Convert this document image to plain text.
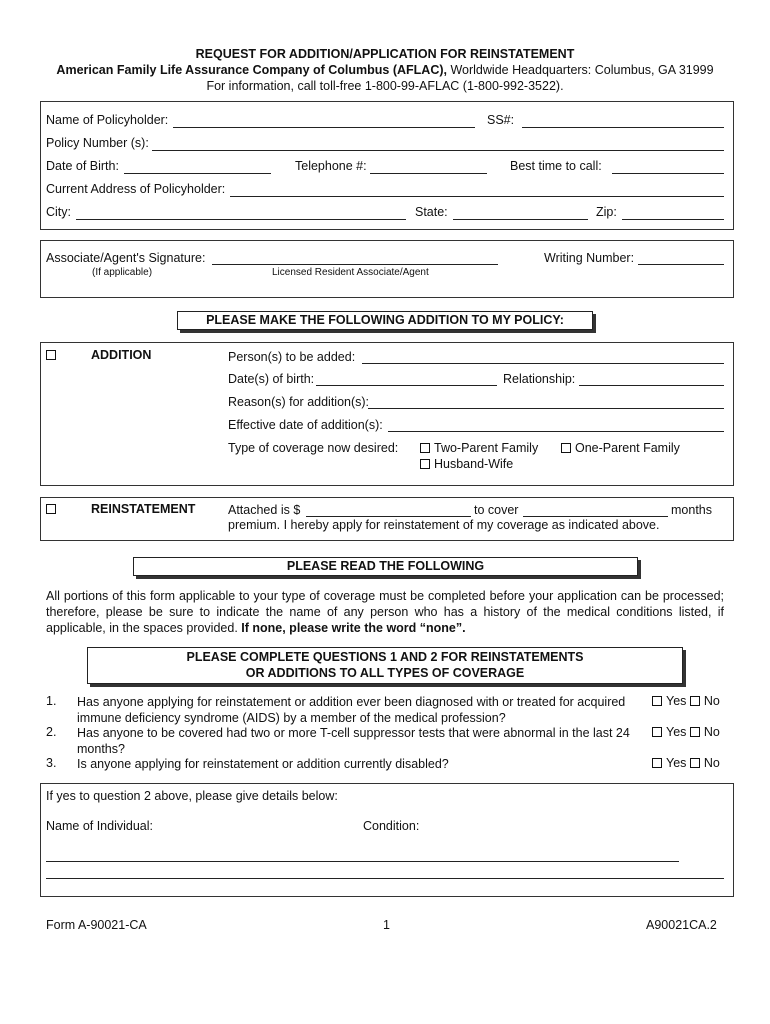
REQUEST FOR ADDITION/APPLICATION FOR REINSTATEMENT
American Family Life Assurance Company of Columbus (AFLAC), Worldwide Headquarters: Columbus, GA 31999
For information, call toll-free 1-800-99-AFLAC (1-800-992-3522).
Name of Policyholder:	SS#:
Policy Number (s):
Date of Birth:	Telephone #:	Best time to call:
Current Address of Policyholder:
City:	State:	Zip:
Associate/Agent's Signature:	Writing Number:
(If applicable)	Licensed Resident Associate/Agent
PLEASE MAKE THE FOLLOWING ADDITION TO MY POLICY:
ADDITION	Person(s) to be added:
Date(s) of birth:	Relationship:
Reason(s) for addition(s):
Effective date of addition(s):
Type of coverage now desired:	Two-Parent Family	One-Parent Family
Husband-Wife
REINSTATEMENT	Attached is $	to cover	months
premium. I hereby apply for reinstatement of my coverage as indicated above.
PLEASE READ THE FOLLOWING
All portions of this form applicable to your type of coverage must be completed before your application can be processed; therefore, please be sure to indicate the name of any person who has a history of the medical conditions listed, if applicable, in the spaces provided. If none, please write the word “none”.
PLEASE COMPLETE QUESTIONS 1 AND 2 FOR REINSTATEMENTS
OR ADDITIONS TO ALL TYPES OF COVERAGE
1. Has anyone applying for reinstatement or addition ever been diagnosed with or treated for acquired immune deficiency syndrome (AIDS) by a member of the medical profession?
Yes No
2. Has anyone to be covered had two or more T-cell suppressor tests that were abnormal in the last 24 months?
Yes No
3. Is anyone applying for reinstatement or addition currently disabled?	Yes No
If yes to question 2 above, please give details below:
Name of Individual:	Condition:
Form A-90021-CA	1	A90021CA.2
